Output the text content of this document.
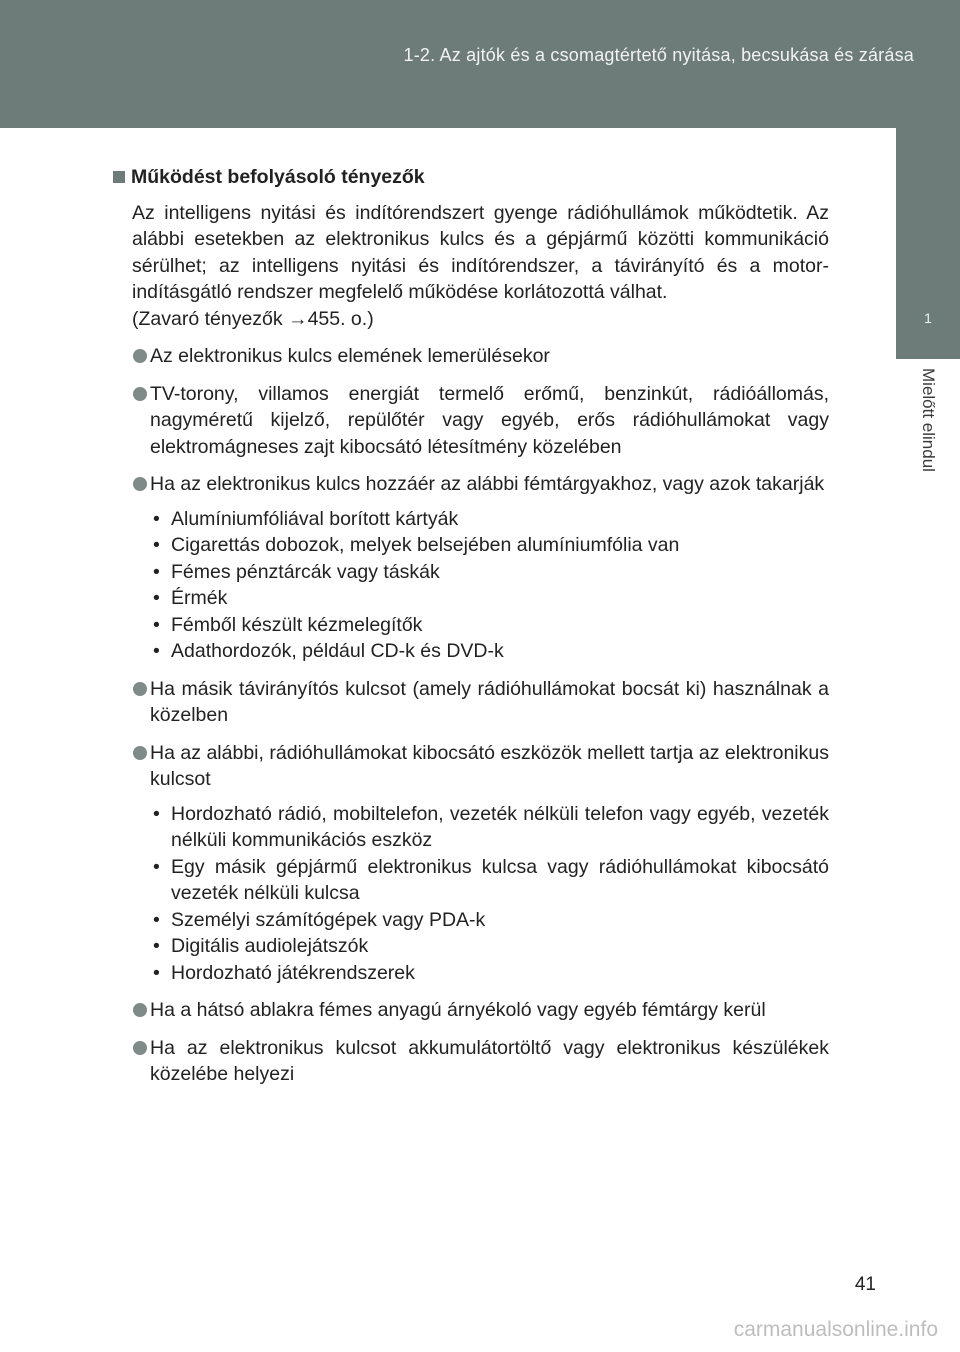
1-2. Az ajtók és a csomagtértető nyitása, becsukása és zárása
1
Mielőtt elindul
Működést befolyásoló tényezők
Az intelligens nyitási és indítórendszert gyenge rádióhullámok működtetik. Az alábbi esetekben az elektronikus kulcs és a gépjármű közötti kommunikáció sérülhet; az intelligens nyitási és indítórendszer, a távirányító és a motor-indításgátló rendszer megfelelő működése korlátozottá válhat.
(Zavaró tényezők →455. o.)
Az elektronikus kulcs elemének lemerülésekor
TV-torony, villamos energiát termelő erőmű, benzinkút, rádióállomás, nagyméretű kijelző, repülőtér vagy egyéb, erős rádióhullámokat vagy elektromágneses zajt kibocsátó létesítmény közelében
Ha az elektronikus kulcs hozzáér az alábbi fémtárgyakhoz, vagy azok takarják
• Alumíniumfóliával borított kártyák
• Cigarettás dobozok, melyek belsejében alumíniumfólia van
• Fémes pénztárcák vagy táskák
• Érmék
• Fémből készült kézmelegítők
• Adathordozók, például CD-k és DVD-k
Ha másik távirányítós kulcsot (amely rádióhullámokat bocsát ki) használnak a közelben
Ha az alábbi, rádióhullámokat kibocsátó eszközök mellett tartja az elektronikus kulcsot
• Hordozható rádió, mobiltelefon, vezeték nélküli telefon vagy egyéb, vezeték nélküli kommunikációs eszköz
• Egy másik gépjármű elektronikus kulcsa vagy rádióhullámokat kibocsátó vezeték nélküli kulcsa
• Személyi számítógépek vagy PDA-k
• Digitális audiolejátszók
• Hordozható játékrendszerek
Ha a hátsó ablakra fémes anyagú árnyékoló vagy egyéb fémtárgy kerül
Ha az elektronikus kulcsot akkumulátortöltő vagy elektronikus készülékek közelébe helyezi
41
carmanualsonline.info
